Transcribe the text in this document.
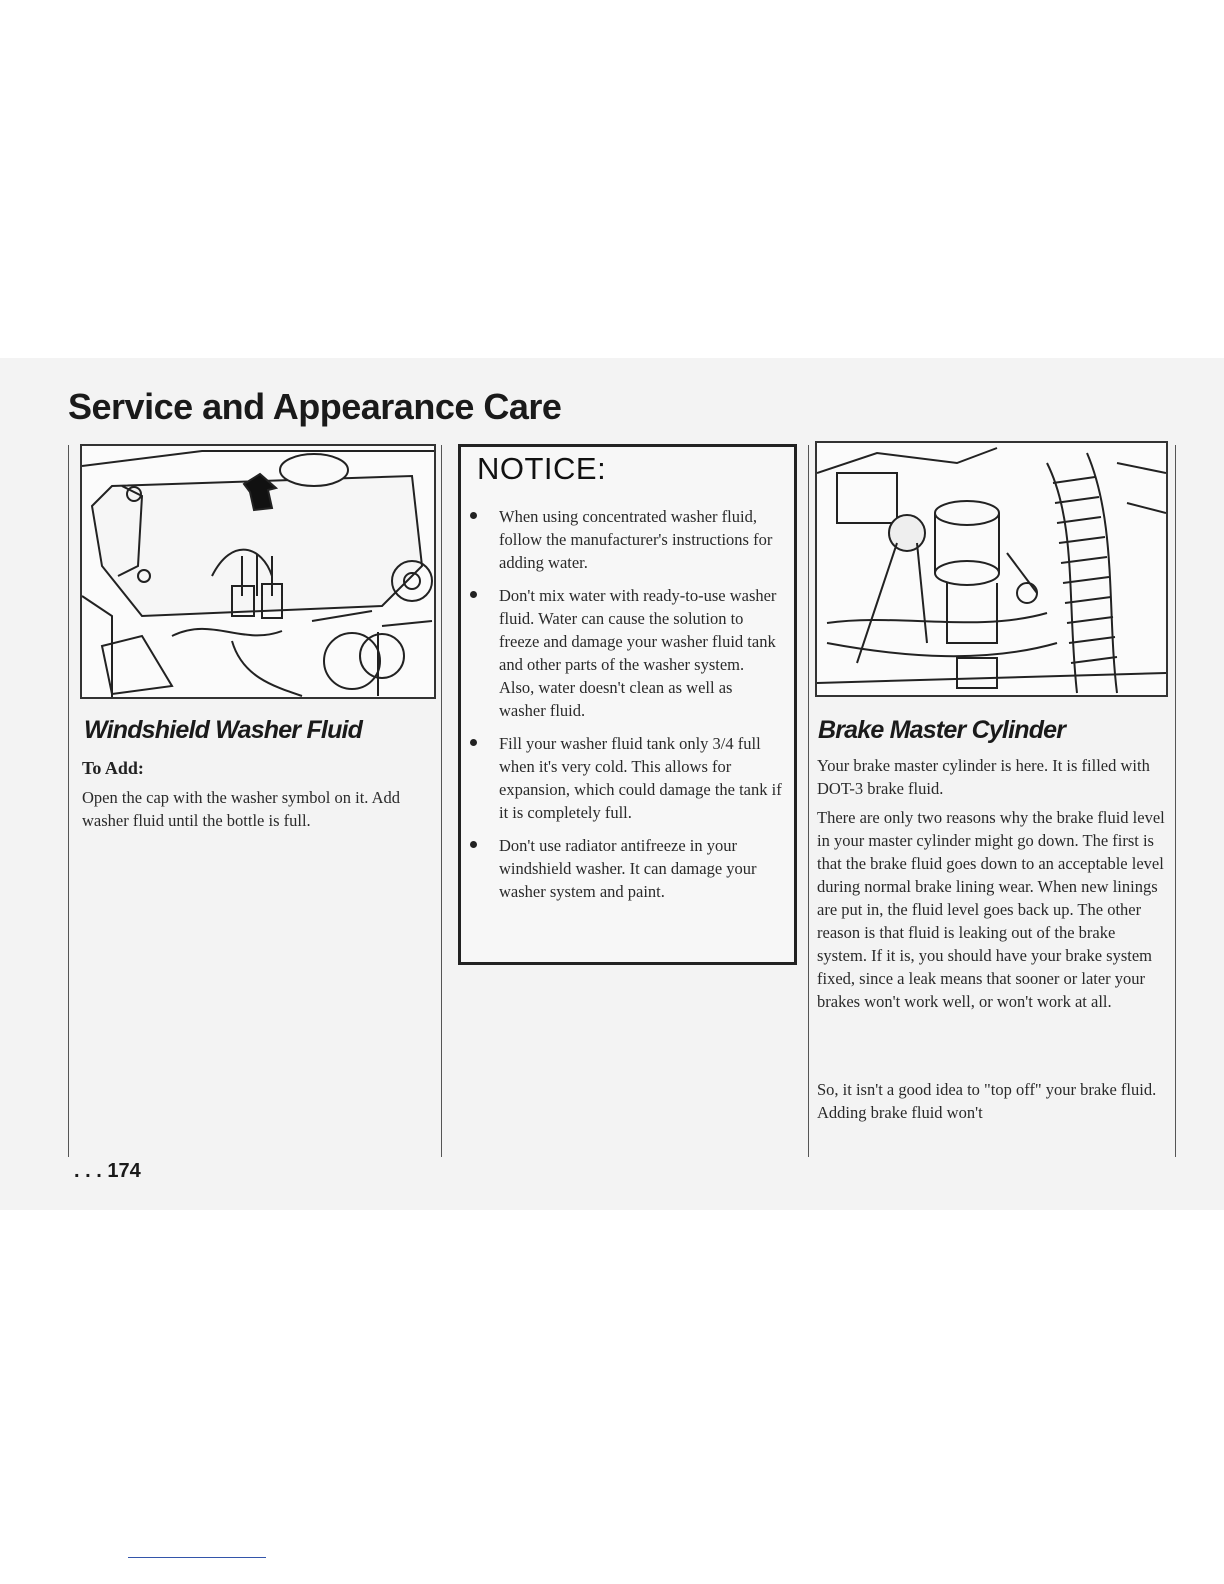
Service and Appearance Care
Windshield Washer Fluid
To Add:

Open the cap with the washer symbol on it. Add washer fluid until the bottle is full.

NOTICE:
When using concentrated washer fluid, follow the manufacturer's instructions for adding water.
Don't mix water with ready-to-use washer fluid. Water can cause the solution to freeze and damage your washer fluid tank and other parts of the washer system. Also, water doesn't clean as well as washer fluid.
Fill your washer fluid tank only 3/4 full when it's very cold. This allows for expansion, which could damage the tank if it is completely full.
Don't use radiator antifreeze in your windshield washer. It can damage your washer system and paint.
Brake Master Cylinder

Your brake master cylinder is here. It is filled with DOT-3 brake fluid.

There are only two reasons why the brake fluid level in your master cylinder might go down. The first is that the brake fluid goes down to an acceptable level during normal brake lining wear. When new linings are put in, the fluid level goes back up. The other reason is that fluid is leaking out of the brake system. If it is, you should have your brake system fixed, since a leak means that sooner or later your brakes won't work well, or won't work at all.

So, it isn't a good idea to "top off" your brake fluid. Adding brake fluid won't

. . . 174
